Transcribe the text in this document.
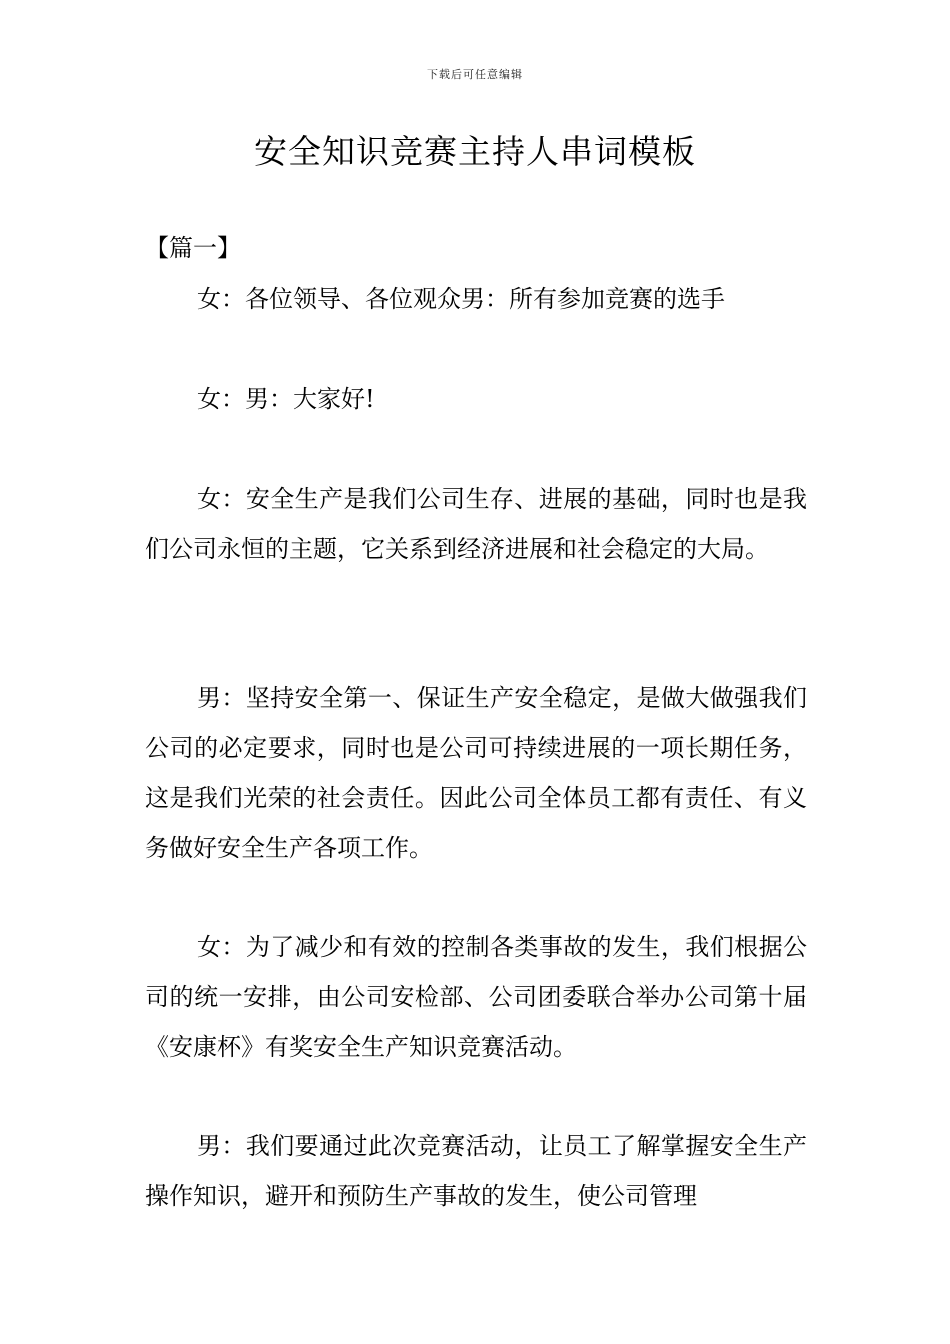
下载后可任意编辑
安全知识竞赛主持人串词模板
【篇一】

女：各位领导、各位观众男：所有参加竞赛的选手

女：男：大家好!

女：安全生产是我们公司生存、进展的基础，同时也是我们公司永恒的主题，它关系到经济进展和社会稳定的大局。

男：坚持安全第一、保证生产安全稳定，是做大做强我们公司的必定要求，同时也是公司可持续进展的一项长期任务，这是我们光荣的社会责任。因此公司全体员工都有责任、有义务做好安全生产各项工作。

女：为了减少和有效的控制各类事故的发生，我们根据公司的统一安排，由公司安检部、公司团委联合举办公司第十届《安康杯》有奖安全生产知识竞赛活动。

男：我们要通过此次竞赛活动，让员工了解掌握安全生产操作知识，避开和预防生产事故的发生，使公司管理
